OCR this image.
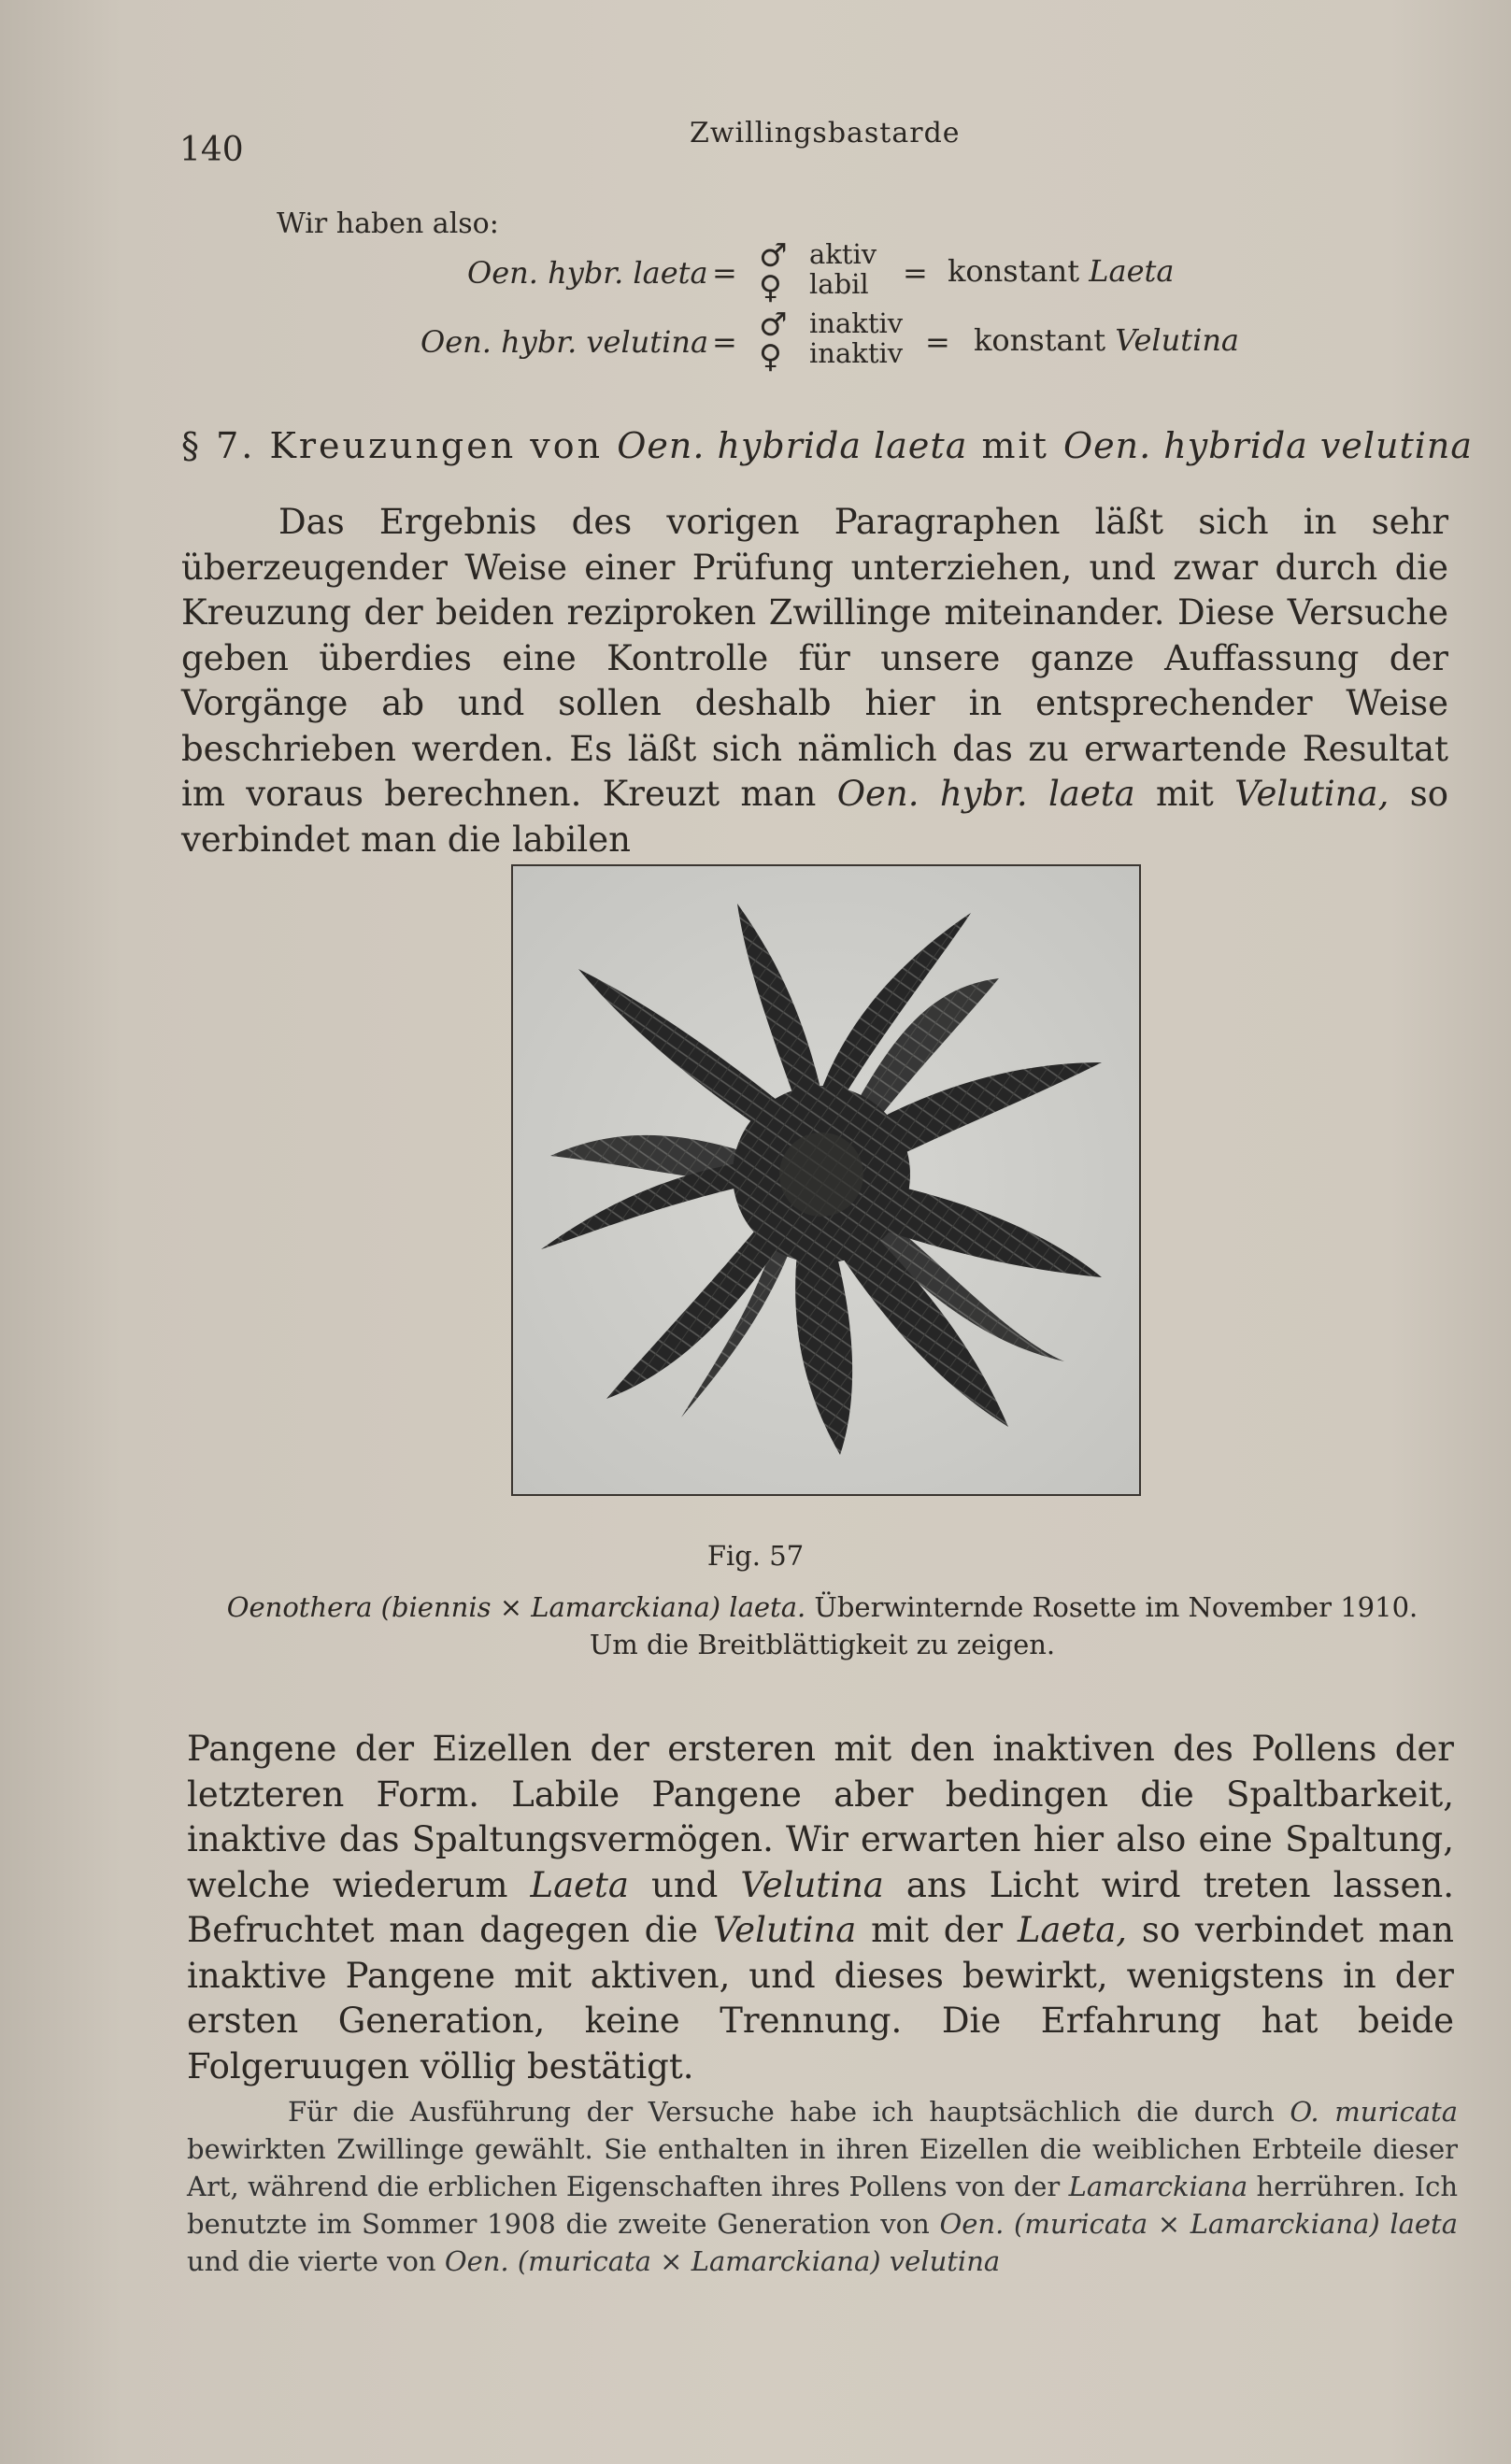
140	Zwillingsbastarde
Wir haben also:
Oen. hybr. laeta = ♂
♀
aktiv
labil = konstant Laeta
Oen. hybr. velutina = ♂
♀
inaktiv
inaktiv = konstant Velutina
§ 7. Kreuzungen von Oen. hybrida laeta mit Oen. hybrida velutina

Das Ergebnis des vorigen Paragraphen läßt sich in sehr überzeugender Weise einer Prüfung unterziehen, und zwar durch die Kreuzung der beiden reziproken Zwillinge miteinander. Diese Versuche geben überdies eine Kontrolle für unsere ganze Auffassung der Vorgänge ab und sollen deshalb hier in entsprechender Weise beschrieben werden. Es läßt sich nämlich das zu erwartende Resultat im voraus berechnen. Kreuzt man Oen. hybr. laeta mit Velutina, so verbindet man die labilen

Fig. 57
Oenothera (biennis × Lamarckiana) laeta. Überwinternde Rosette im November 1910.
Um die Breitblättigkeit zu zeigen.

Pangene der Eizellen der ersteren mit den inaktiven des Pollens der letzteren Form. Labile Pangene aber bedingen die Spaltbarkeit, inaktive das Spaltungsvermögen. Wir erwarten hier also eine Spaltung, welche wiederum Laeta und Velutina ans Licht wird treten lassen. Befruchtet man dagegen die Velutina mit der Laeta, so verbindet man inaktive Pangene mit aktiven, und dieses bewirkt, wenigstens in der ersten Generation, keine Trennung. Die Erfahrung hat beide Folgeruugen völlig bestätigt.

Für die Ausführung der Versuche habe ich hauptsächlich die durch O. muricata bewirkten Zwillinge gewählt. Sie enthalten in ihren Eizellen die weiblichen Erbteile dieser Art, während die erblichen Eigenschaften ihres Pollens von der Lamarckiana herrühren. Ich benutzte im Sommer 1908 die zweite Generation von Oen. (muricata × Lamarckiana) laeta und die vierte von Oen. (muricata × Lamarckiana) velutina
